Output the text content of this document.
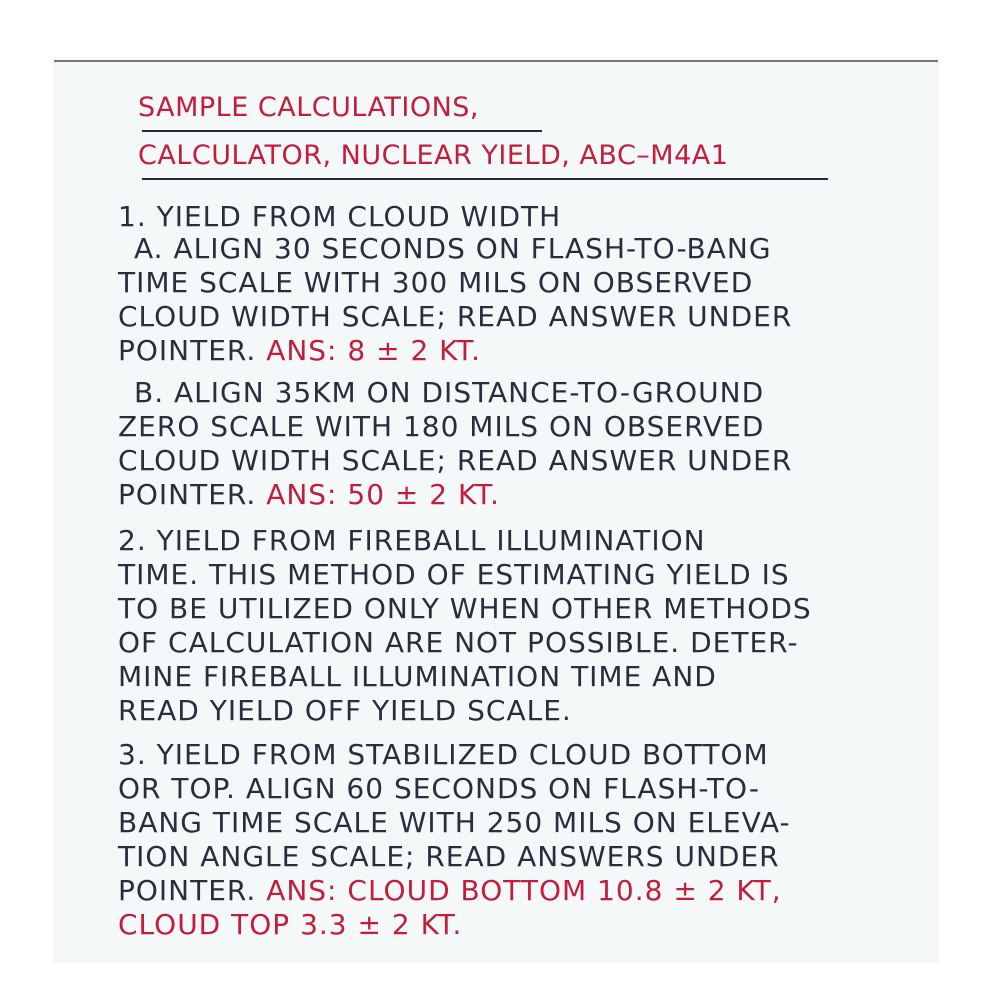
SAMPLE CALCULATIONS,
CALCULATOR, NUCLEAR YIELD, ABC–M4A1
1. YIELD FROM CLOUD WIDTH
A. ALIGN 30 SECONDS ON FLASH-TO-BANG
TIME SCALE WITH 300 MILS ON OBSERVED
CLOUD WIDTH SCALE; READ ANSWER UNDER
POINTER. ANS: 8 ± 2 KT.
B. ALIGN 35KM ON DISTANCE-TO-GROUND
ZERO SCALE WITH 180 MILS ON OBSERVED
CLOUD WIDTH SCALE; READ ANSWER UNDER
POINTER. ANS: 50 ± 2 KT.
2. YIELD FROM FIREBALL ILLUMINATION
TIME. THIS METHOD OF ESTIMATING YIELD IS
TO BE UTILIZED ONLY WHEN OTHER METHODS
OF CALCULATION ARE NOT POSSIBLE. DETER-
MINE FIREBALL ILLUMINATION TIME AND
READ YIELD OFF YIELD SCALE.
3. YIELD FROM STABILIZED CLOUD BOTTOM
OR TOP. ALIGN 60 SECONDS ON FLASH-TO-
BANG TIME SCALE WITH 250 MILS ON ELEVA-
TION ANGLE SCALE; READ ANSWERS UNDER
POINTER. ANS: CLOUD BOTTOM 10.8 ± 2 KT,
CLOUD TOP 3.3 ± 2 KT.
